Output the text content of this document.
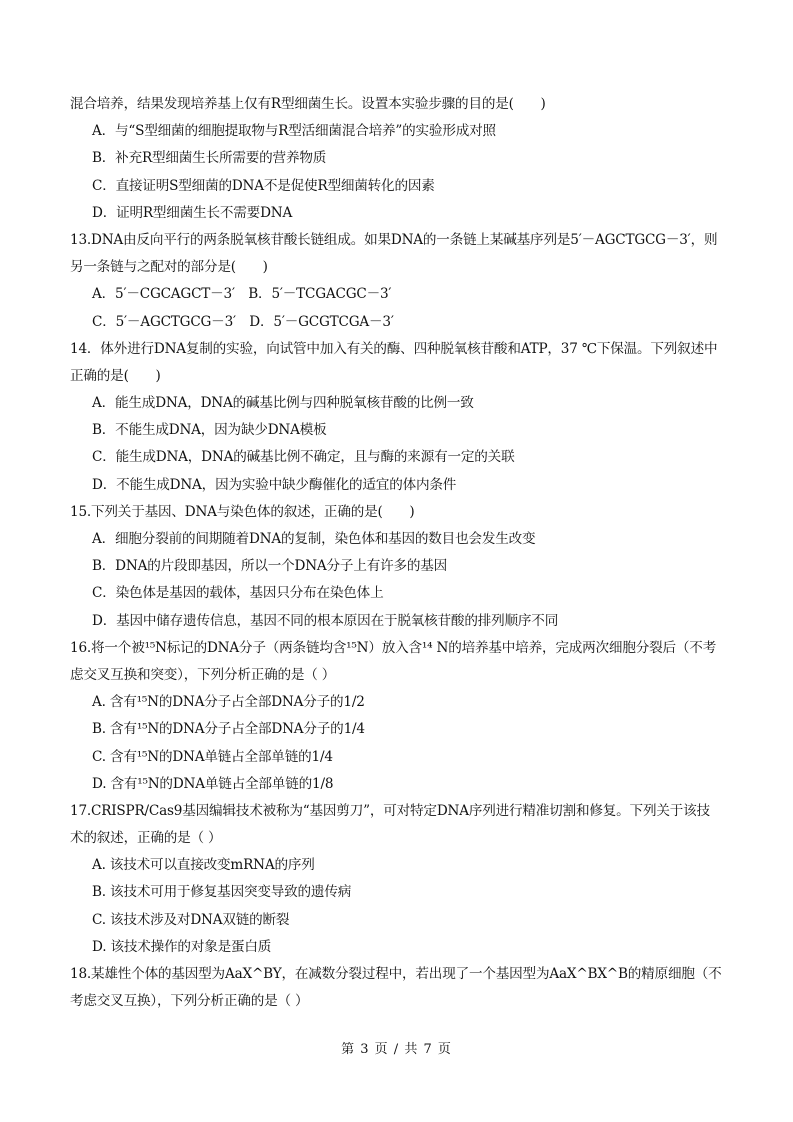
混合培养，结果发现培养基上仅有R型细菌生长。设置本实验步骤的目的是(　　)
A．与“S型细菌的细胞提取物与R型活细菌混合培养”的实验形成对照
B．补充R型细菌生长所需要的营养物质
C．直接证明S型细菌的DNA不是促使R型细菌转化的因素
D．证明R型细菌生长不需要DNA
13.DNA由反向平行的两条脱氧核苷酸长链组成。如果DNA的一条链上某碱基序列是5′－AGCTGCG－3′，则
另一条链与之配对的部分是(　　)
A．5′－CGCAGCT－3′　B．5′－TCGACGC－3′
C．5′－AGCTGCG－3′　D．5′－GCGTCGA－3′
14．体外进行DNA复制的实验，向试管中加入有关的酶、四种脱氧核苷酸和ATP，37 ℃下保温。下列叙述中
正确的是(　　)
A．能生成DNA，DNA的碱基比例与四种脱氧核苷酸的比例一致
B．不能生成DNA，因为缺少DNA模板
C．能生成DNA，DNA的碱基比例不确定，且与酶的来源有一定的关联
D．不能生成DNA，因为实验中缺少酶催化的适宜的体内条件
15.下列关于基因、DNA与染色体的叙述，正确的是(　　)
A．细胞分裂前的间期随着DNA的复制，染色体和基因的数目也会发生改变
B．DNA的片段即基因，所以一个DNA分子上有许多的基因
C．染色体是基因的载体，基因只分布在染色体上
D．基因中储存遗传信息，基因不同的根本原因在于脱氧核苷酸的排列顺序不同
16.将一个被¹⁵N标记的DNA分子（两条链均含¹⁵N）放入含¹⁴ N的培养基中培养，完成两次细胞分裂后（不考
虑交叉互换和突变），下列分析正确的是（ ）
A. 含有¹⁵N的DNA分子占全部DNA分子的1/2
B. 含有¹⁵N的DNA分子占全部DNA分子的1/4
C. 含有¹⁵N的DNA单链占全部单链的1/4
D. 含有¹⁵N的DNA单链占全部单链的1/8
17.CRISPR/Cas9基因编辑技术被称为“基因剪刀”，可对特定DNA序列进行精准切割和修复。下列关于该技
术的叙述，正确的是（ ）
A. 该技术可以直接改变mRNA的序列
B. 该技术可用于修复基因突变导致的遗传病
C. 该技术涉及对DNA双链的断裂
D. 该技术操作的对象是蛋白质
18.某雄性个体的基因型为AaX^BY，在减数分裂过程中，若出现了一个基因型为AaX^BX^B的精原细胞（不
考虑交叉互换），下列分析正确的是（ ）
第 3 页 / 共 7 页
